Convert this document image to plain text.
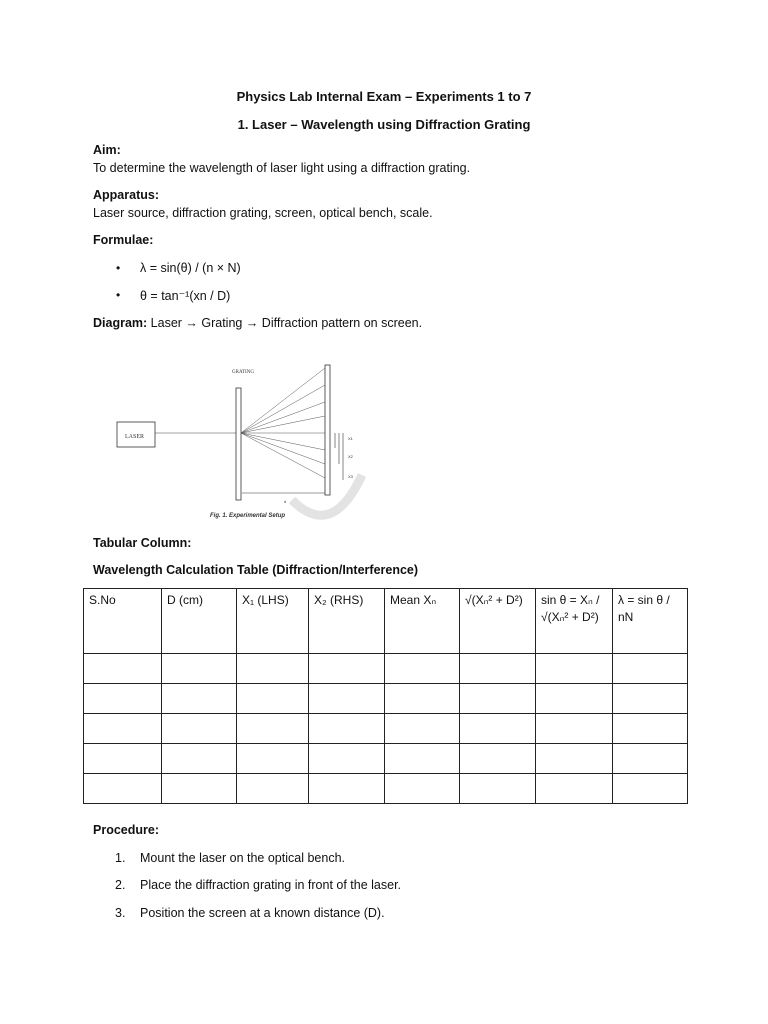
Physics Lab Internal Exam – Experiments 1 to 7
1. Laser – Wavelength using Diffraction Grating
Aim:
To determine the wavelength of laser light using a diffraction grating.
Apparatus:
Laser source, diffraction grating, screen, optical bench, scale.
Formulae:
• λ = sin(θ) / (n × N)
• θ = tan⁻¹(xn / D)
Diagram: Laser → Grating → Diffraction pattern on screen.
GRATING
LASER	X1
X2
X3
d
Fig. 1. Experimental Setup
Tabular Column:
Wavelength Calculation Table (Diffraction/Interference)
S.No	D (cm)	X₁ (LHS)	X₂ (RHS)	Mean Xₙ	√(Xₙ² + D²)	sin θ = Xₙ / √(Xₙ² + D²)	λ = sin θ / nN

Procedure:
1. Mount the laser on the optical bench.
2. Place the diffraction grating in front of the laser.
3. Position the screen at a known distance (D).
